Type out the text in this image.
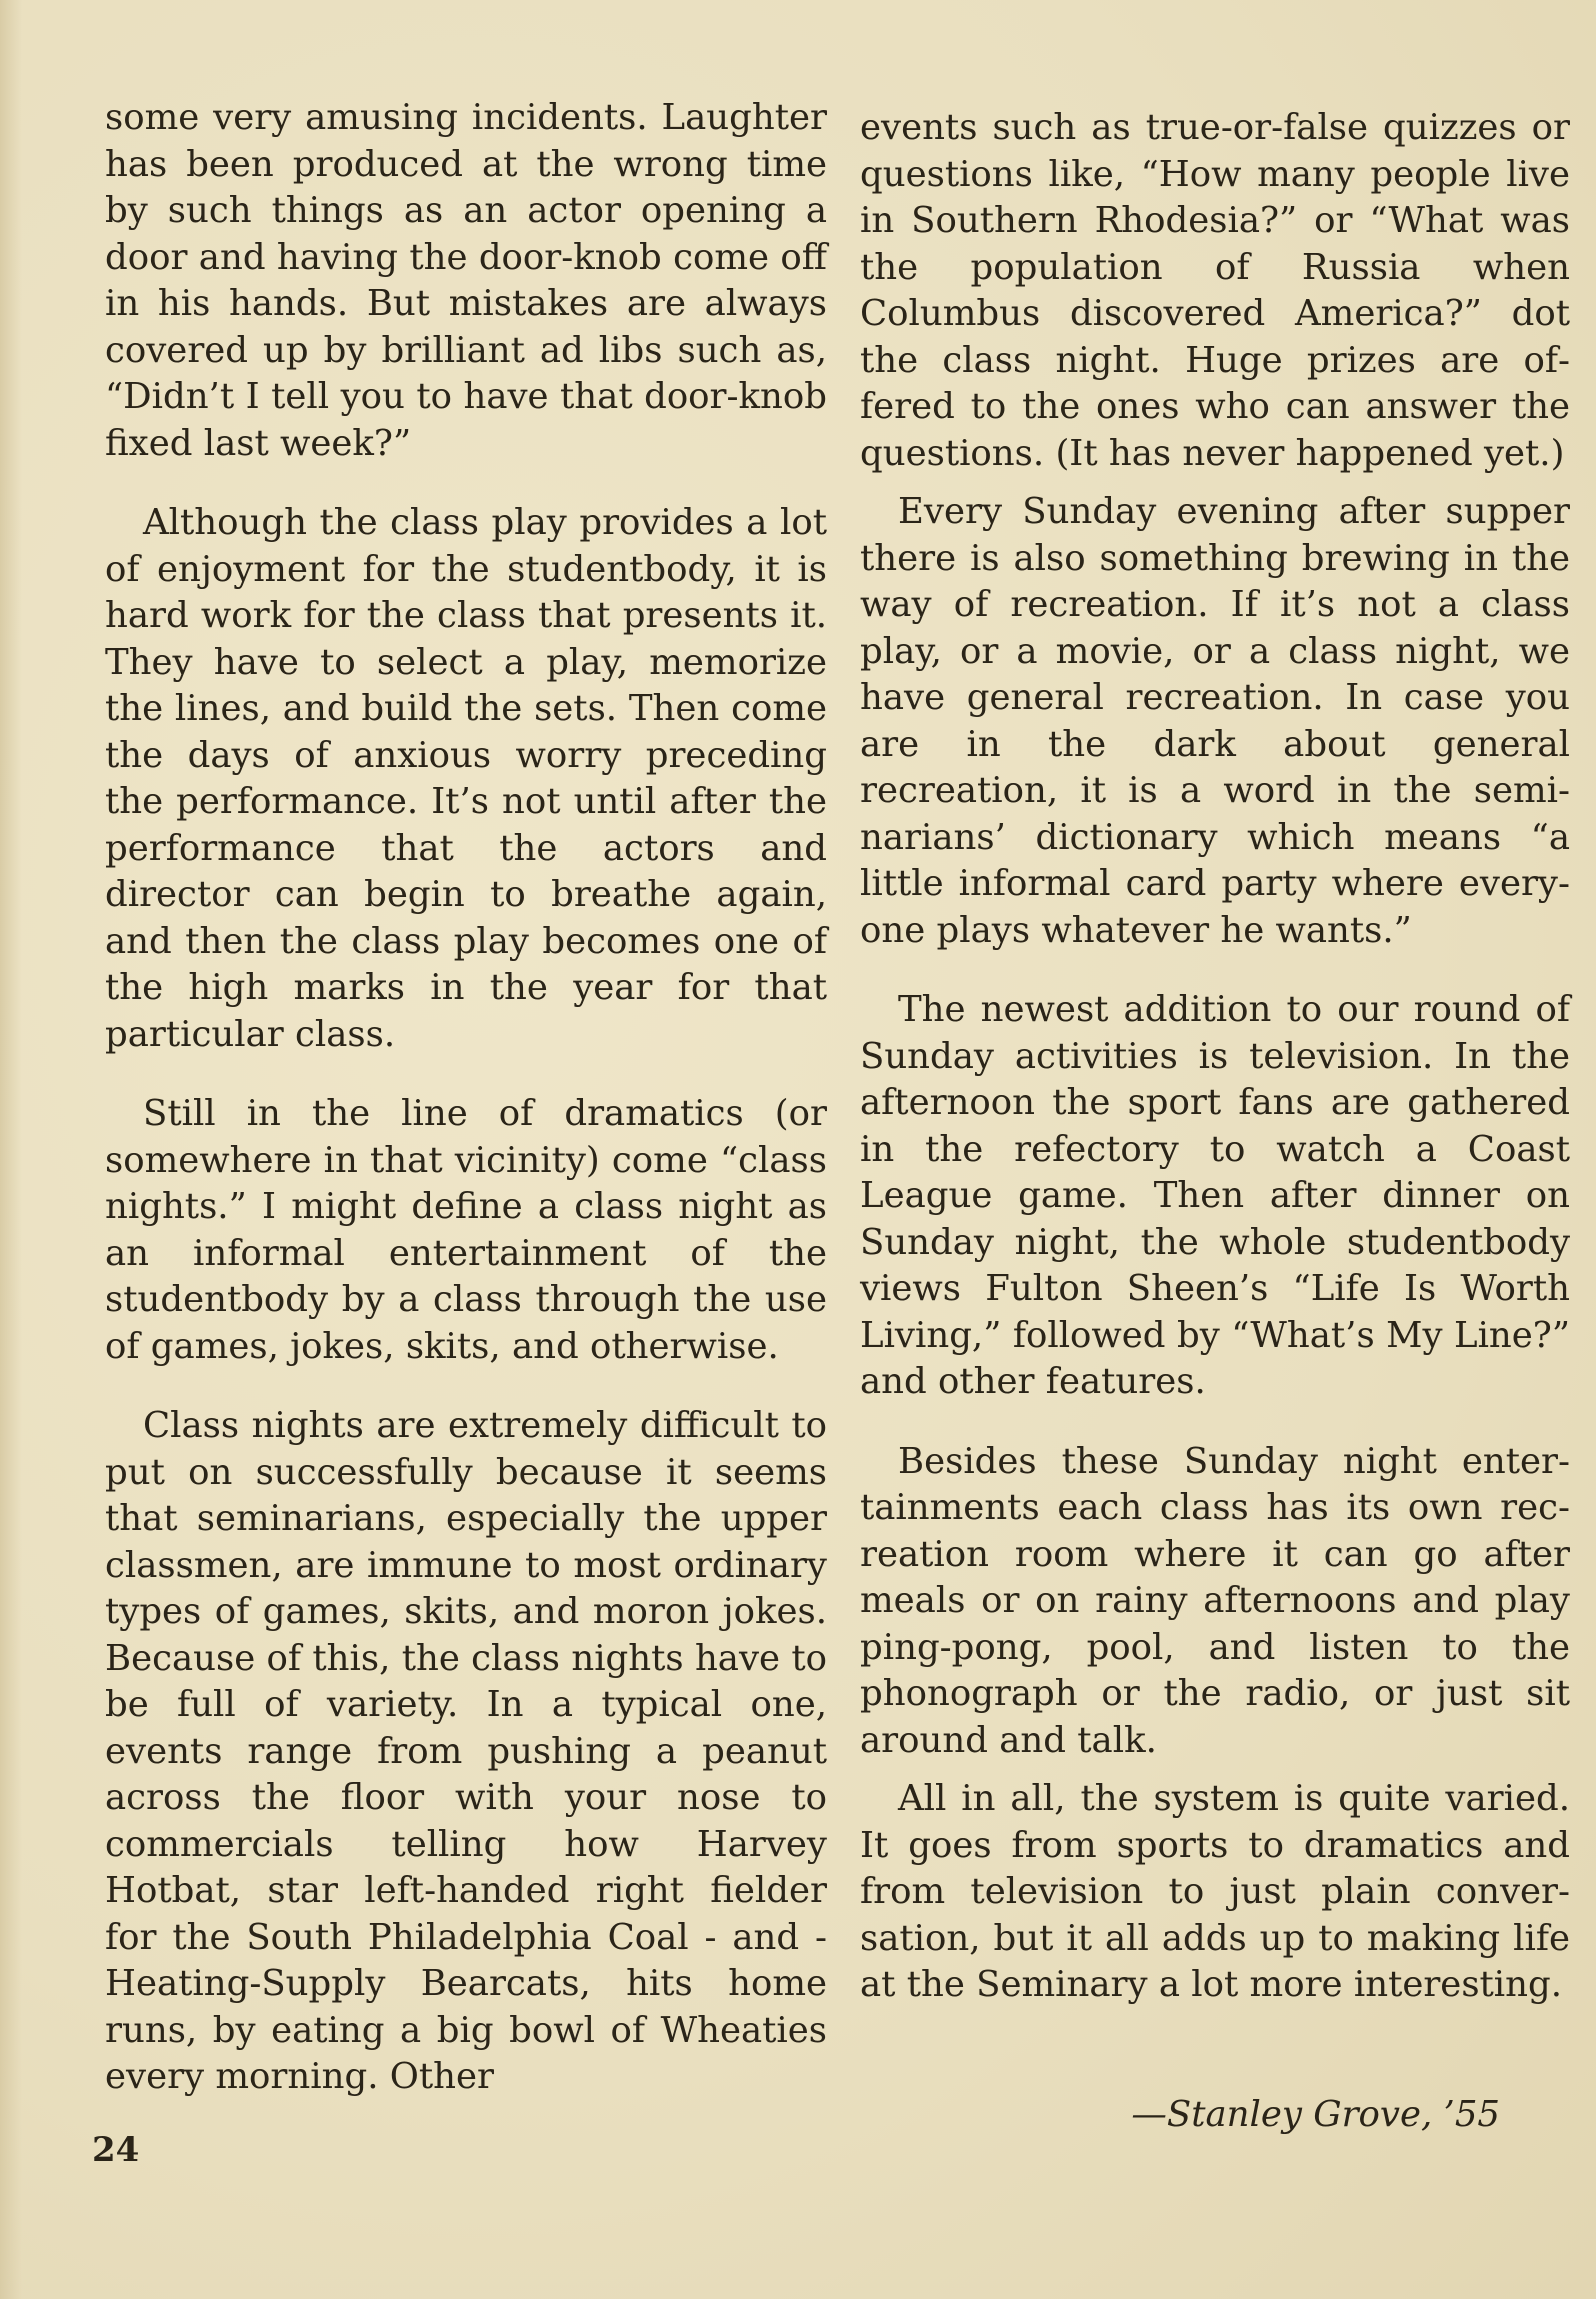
some very amusing incidents. Laughter has been produced at the wrong time by such things as an actor opening a door and having the door-knob come off in his hands. But mistakes are always covered up by brilliant ad libs such as, “Didn’t I tell you to have that door-knob fixed last week?”

Although the class play provides a lot of enjoyment for the studentbody, it is hard work for the class that presents it. They have to select a play, memorize the lines, and build the sets. Then come the days of anxious worry preceding the performance. It’s not until after the performance that the actors and director can begin to breathe again, and then the class play becomes one of the high marks in the year for that particular class.

Still in the line of dramatics (or somewhere in that vicinity) come “class nights.” I might define a class night as an informal entertainment of the studentbody by a class through the use of games, jokes, skits, and otherwise.

Class nights are extremely difficult to put on successfully because it seems that seminarians, especially the upper classmen, are immune to most ordinary types of games, skits, and moron jokes. Because of this, the class nights have to be full of variety. In a typical one, events range from pushing a peanut across the floor with your nose to commercials telling how Harvey Hotbat, star left-handed right fielder for the South Philadelphia Coal - and - Heating-Supply Bearcats, hits home runs, by eating a big bowl of Wheaties every morning. Other

events such as true-or-false quizzes or questions like, “How many people live in Southern Rhodesia?” or “What was the population of Russia when Columbus discovered America?” dot the class night. Huge prizes are offered to the ones who can answer the questions. (It has never happened yet.)

Every Sunday evening after supper there is also something brewing in the way of recreation. If it’s not a class play, or a movie, or a class night, we have general recreation. In case you are in the dark about general recreation, it is a word in the seminarians’ dictionary which means “a little informal card party where everyone plays whatever he wants.”

The newest addition to our round of Sunday activities is television. In the afternoon the sport fans are gathered in the refectory to watch a Coast League game. Then after dinner on Sunday night, the whole studentbody views Fulton Sheen’s “Life Is Worth Living,” followed by “What’s My Line?” and other features.

Besides these Sunday night entertainments each class has its own recreation room where it can go after meals or on rainy afternoons and play ping-pong, pool, and listen to the phonograph or the radio, or just sit around and talk.

All in all, the system is quite varied. It goes from sports to dramatics and from television to just plain conversation, but it all adds up to making life at the Seminary a lot more interesting.

—Stanley Grove, ’55
24
